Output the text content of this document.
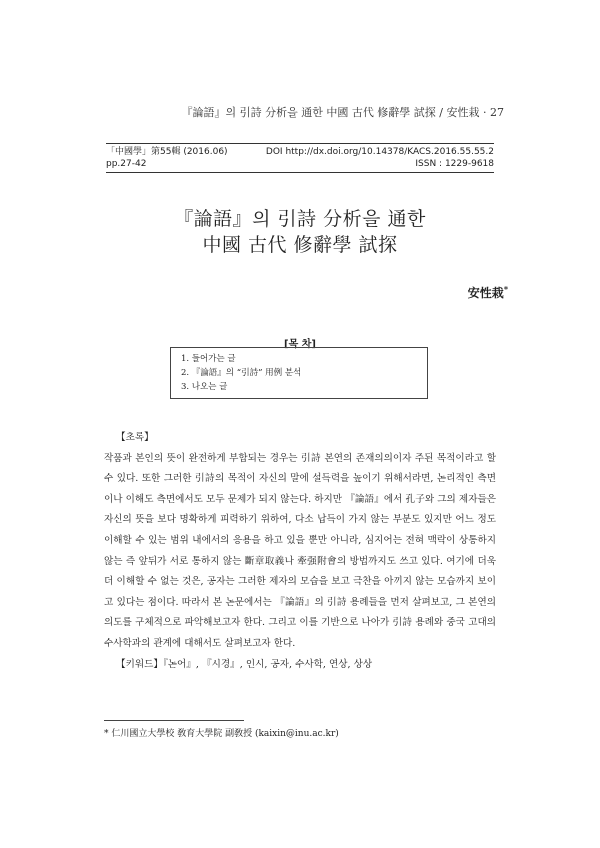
『論語』의 引詩 分析을 通한 中國 古代 修辭學 試探 / 安性栽 · 27
「中國學」第55輯 (2016.06)	DOI http://dx.doi.org/10.14378/KACS.2016.55.55.2
pp.27-42	ISSN : 1229-9618
『論語』의 引詩 分析을 通한
中國 古代 修辭學 試探
安性栽*
[목 차]
1. 들어가는 글
2. 『論語』의 “引詩” 用例 분석
3. 나오는 글

【초록】

작품과 본인의 뜻이 완전하게 부합되는 경우는 引詩 본연의 존재의의이자 주된 목적이라고 할 수 있다. 또한 그러한 引詩의 목적이 자신의 말에 설득력을 높이기 위해서라면, 논리적인 측면이나 이해도 측면에서도 모두 문제가 되지 않는다. 하지만 『論語』에서 孔子와 그의 제자들은 자신의 뜻을 보다 명확하게 피력하기 위하여, 다소 납득이 가지 않는 부분도 있지만 어느 정도 이해할 수 있는 범위 내에서의 응용을 하고 있을 뿐만 아니라, 심지어는 전혀 맥락이 상통하지 않는 즉 앞뒤가 서로 통하지 않는 斷章取義나 牽强附會의 방법까지도 쓰고 있다. 여기에 더욱 더 이해할 수 없는 것은, 공자는 그러한 제자의 모습을 보고 극찬을 아끼지 않는 모습까지 보이고 있다는 점이다. 따라서 본 논문에서는 『論語』의 引詩 용례들을 먼저 살펴보고, 그 본연의 의도를 구체적으로 파악해보고자 한다. 그리고 이를 기반으로 나아가 引詩 용례와 중국 고대의 수사학과의 관계에 대해서도 살펴보고자 한다.

【키워드】『논어』, 『시경』, 인시, 공자, 수사학, 연상, 상상

* 仁川國立大學校 敎育大學院 副敎授 (kaixin@inu.ac.kr)
